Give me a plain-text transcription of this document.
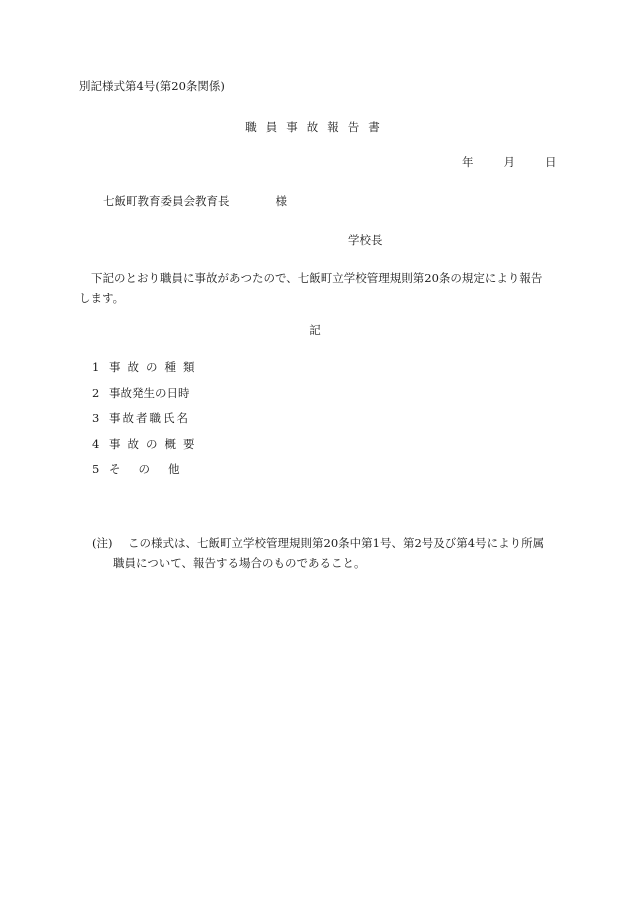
別記様式第4号(第20条関係)
職員事故報告書
年	月	日
七飯町教育委員会教育長	様
学校長
下記のとおり職員に事故があつたので、七飯町立学校管理規則第20条の規定により報告します。
記
1 事故の種類
2 事故発生の日時
3 事故者職氏名
4 事故の概要
5 その他
(注) この様式は、七飯町立学校管理規則第20条中第1号、第2号及び第4号により所属
職員について、報告する場合のものであること。
